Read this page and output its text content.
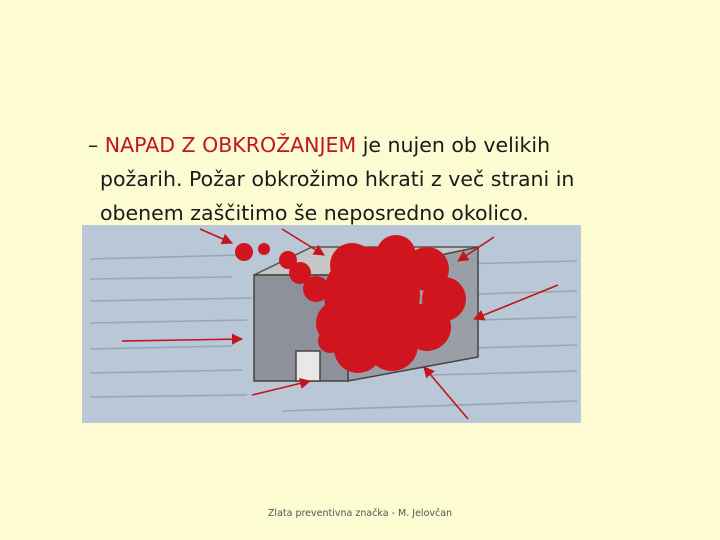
– NAPAD Z OBKROŽANJEM je nujen ob velikih
požarih. Požar obkrožimo hkrati z več strani in
obenem zaščitimo še neposredno okolico.
Zlata preventivna značka - M. Jelovčan
